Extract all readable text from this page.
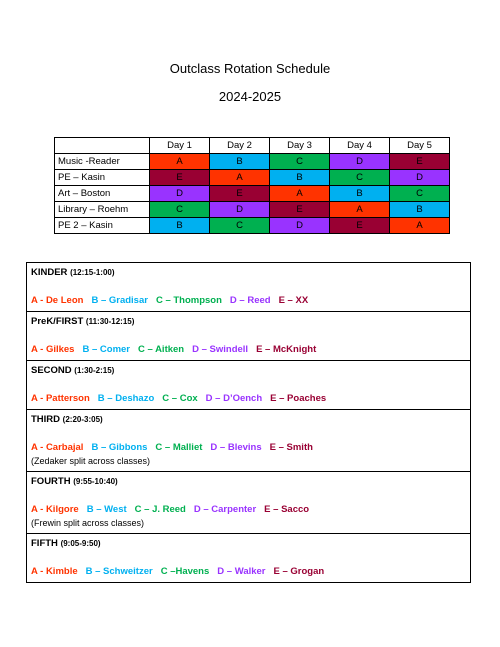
Outclass Rotation Schedule
2024-2025
	Day 1	Day 2	Day 3	Day 4	Day 5
Music -Reader	A	B	C	D	E
PE – Kasin	E	A	B	C	D
Art – Boston	D	E	A	B	C
Library – Roehm	C	D	E	A	B
PE 2 – Kasin	B	C	D	E	A
KINDER (12:15-1:00)
A - De Leon B – Gradisar C – Thompson D – Reed E – XX
PreK/FIRST (11:30-12:15)
A - Gilkes B – Comer C – Aitken D – Swindell E – McKnight
SECOND (1:30-2:15)
A - Patterson B – Deshazo C – Cox D – D’Oench E – Poaches
THIRD (2:20-3:05)
A - Carbajal B – Gibbons C – Malliet D – Blevins E – Smith
(Zedaker split across classes)
FOURTH (9:55-10:40)
A - Kilgore B – West C – J. Reed D – Carpenter E – Sacco
(Frewin split across classes)
FIFTH (9:05-9:50)
A - Kimble B – Schweitzer C –Havens D – Walker E – Grogan
